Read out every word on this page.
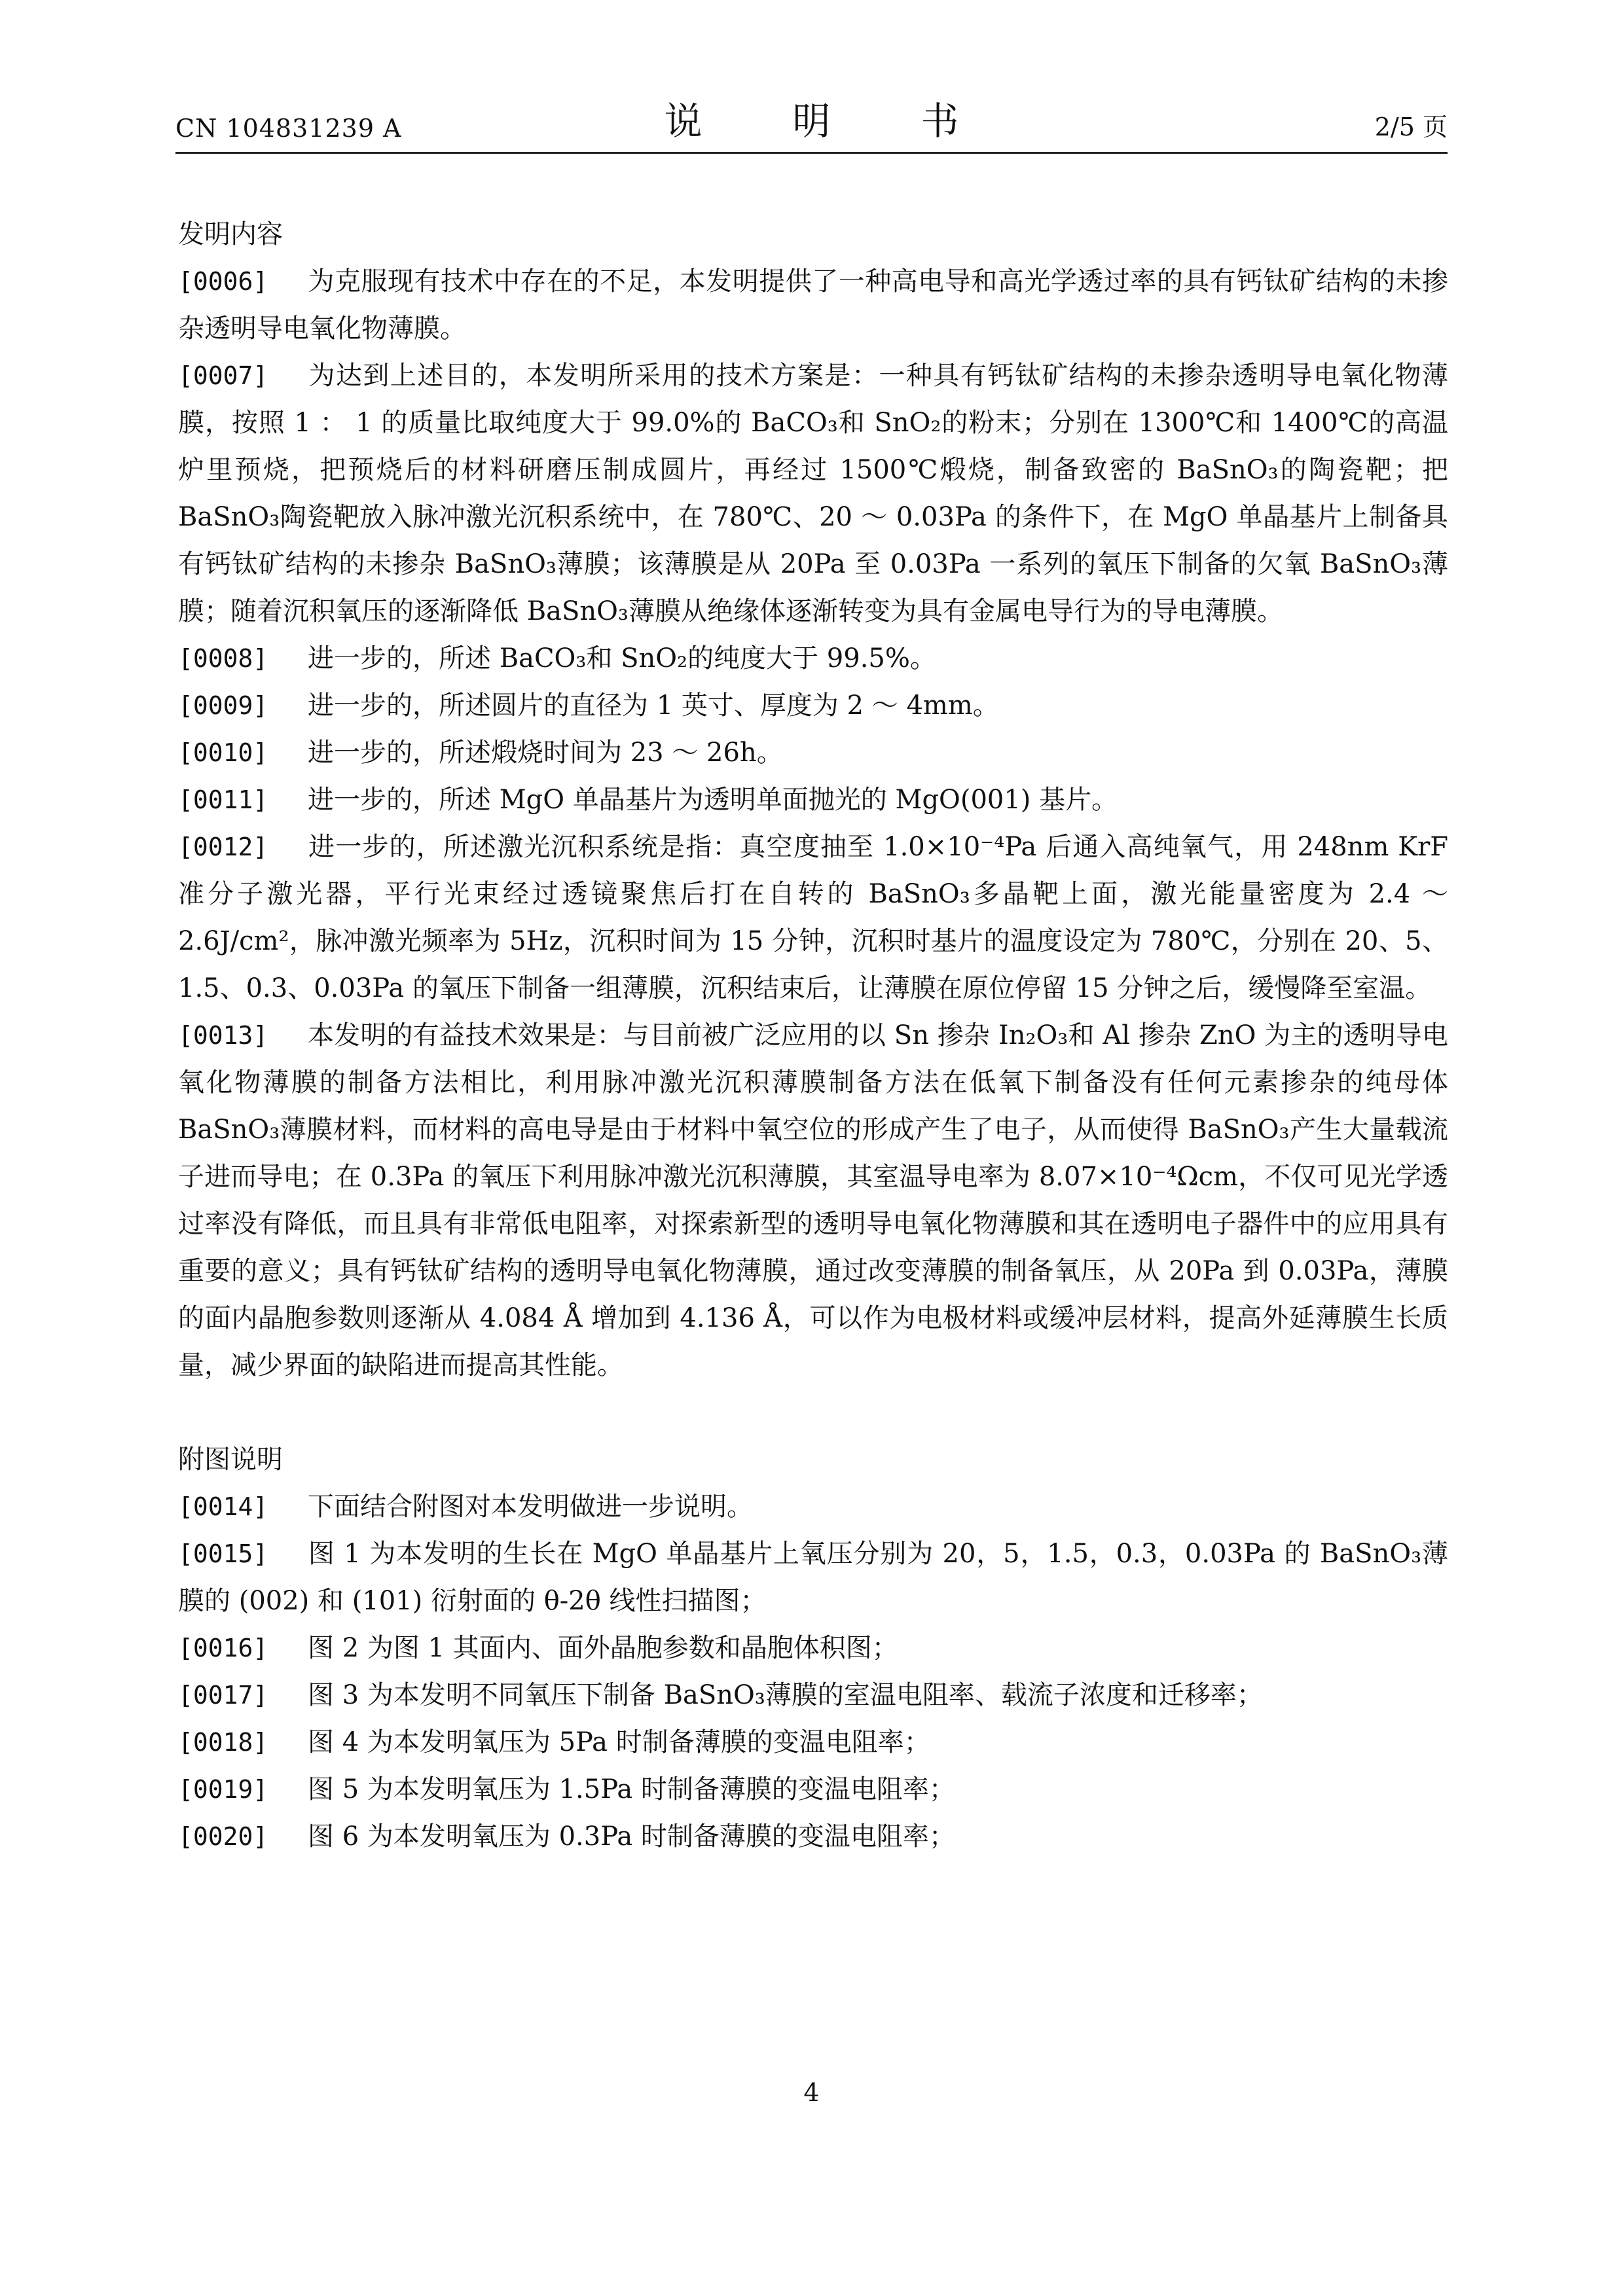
CN 104831239 A	说　明　书	2/5 页
发明内容
[0006] 为克服现有技术中存在的不足，本发明提供了一种高电导和高光学透过率的具有钙钛矿结构的未掺杂透明导电氧化物薄膜。
[0007] 为达到上述目的，本发明所采用的技术方案是：一种具有钙钛矿结构的未掺杂透明导电氧化物薄膜，按照 1 ： 1 的质量比取纯度大于 99.0%的 BaCO₃和 SnO₂的粉末；分别在 1300℃和 1400℃的高温炉里预烧，把预烧后的材料研磨压制成圆片，再经过 1500℃煅烧，制备致密的 BaSnO₃的陶瓷靶；把 BaSnO₃陶瓷靶放入脉冲激光沉积系统中，在 780℃、20 ～ 0.03Pa 的条件下，在 MgO 单晶基片上制备具有钙钛矿结构的未掺杂 BaSnO₃薄膜；该薄膜是从 20Pa 至 0.03Pa 一系列的氧压下制备的欠氧 BaSnO₃薄膜；随着沉积氧压的逐渐降低 BaSnO₃薄膜从绝缘体逐渐转变为具有金属电导行为的导电薄膜。
[0008] 进一步的，所述 BaCO₃和 SnO₂的纯度大于 99.5%。
[0009] 进一步的，所述圆片的直径为 1 英寸、厚度为 2 ～ 4mm。
[0010] 进一步的，所述煅烧时间为 23 ～ 26h。
[0011] 进一步的，所述 MgO 单晶基片为透明单面抛光的 MgO(001) 基片。
[0012] 进一步的，所述激光沉积系统是指：真空度抽至 1.0×10⁻⁴Pa 后通入高纯氧气，用 248nm KrF 准分子激光器，平行光束经过透镜聚焦后打在自转的 BaSnO₃多晶靶上面，激光能量密度为 2.4 ～ 2.6J/cm²，脉冲激光频率为 5Hz，沉积时间为 15 分钟，沉积时基片的温度设定为 780℃，分别在 20、5、1.5、0.3、0.03Pa 的氧压下制备一组薄膜，沉积结束后，让薄膜在原位停留 15 分钟之后，缓慢降至室温。
[0013] 本发明的有益技术效果是：与目前被广泛应用的以 Sn 掺杂 In₂O₃和 Al 掺杂 ZnO 为主的透明导电氧化物薄膜的制备方法相比，利用脉冲激光沉积薄膜制备方法在低氧下制备没有任何元素掺杂的纯母体 BaSnO₃薄膜材料，而材料的高电导是由于材料中氧空位的形成产生了电子，从而使得 BaSnO₃产生大量载流子进而导电；在 0.3Pa 的氧压下利用脉冲激光沉积薄膜，其室温导电率为 8.07×10⁻⁴Ωcm，不仅可见光学透过率没有降低，而且具有非常低电阻率，对探索新型的透明导电氧化物薄膜和其在透明电子器件中的应用具有重要的意义；具有钙钛矿结构的透明导电氧化物薄膜，通过改变薄膜的制备氧压，从 20Pa 到 0.03Pa，薄膜的面内晶胞参数则逐渐从 4.084 Å 增加到 4.136 Å，可以作为电极材料或缓冲层材料，提高外延薄膜生长质量，减少界面的缺陷进而提高其性能。
附图说明
[0014] 下面结合附图对本发明做进一步说明。
[0015] 图 1 为本发明的生长在 MgO 单晶基片上氧压分别为 20，5，1.5，0.3，0.03Pa 的 BaSnO₃薄膜的 (002) 和 (101) 衍射面的 θ-2θ 线性扫描图；
[0016] 图 2 为图 1 其面内、面外晶胞参数和晶胞体积图；
[0017] 图 3 为本发明不同氧压下制备 BaSnO₃薄膜的室温电阻率、载流子浓度和迁移率；
[0018] 图 4 为本发明氧压为 5Pa 时制备薄膜的变温电阻率；
[0019] 图 5 为本发明氧压为 1.5Pa 时制备薄膜的变温电阻率；
[0020] 图 6 为本发明氧压为 0.3Pa 时制备薄膜的变温电阻率；
4
